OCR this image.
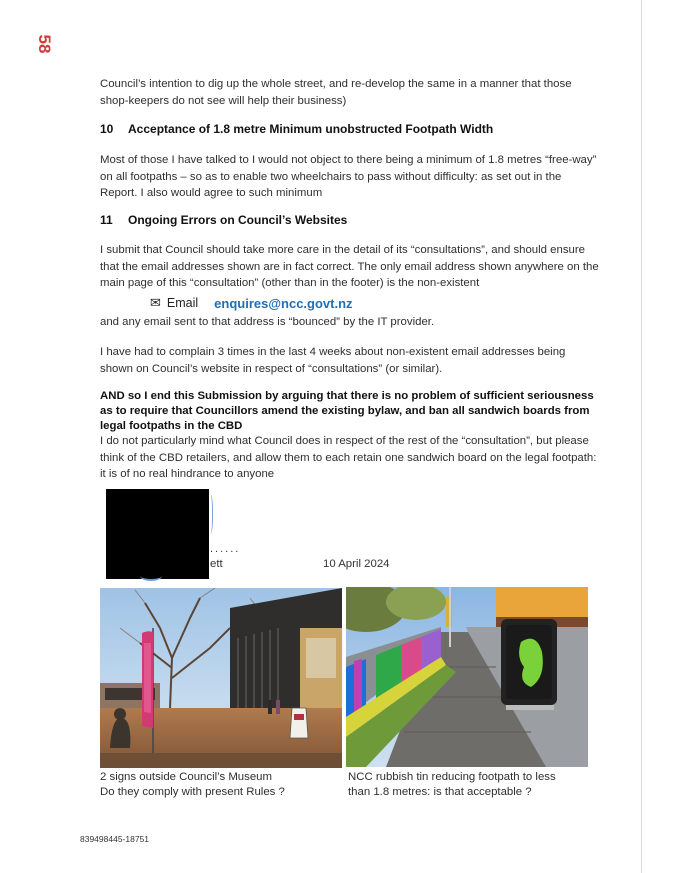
58

Council’s intention to dig up the whole street, and re-develop the same in a manner that those shop-keepers do not see will help their business)

10 Acceptance of 1.8 metre Minimum unobstructed Footpath Width

Most of those I have talked to I would not object to there being a minimum of 1.8 metres “free-way” on all footpaths – so as to enable two wheelchairs to pass without difficulty: as set out in the Report. I also would agree to such minimum

11 Ongoing Errors on Council’s Websites

I submit that Council should take more care in the detail of its “consultations”, and should ensure that the email addresses shown are in fact correct. The only email address shown anywhere on the main page of this “consultation” (other than in the footer) is the non-existent

✉ Email enquires@ncc.govt.nz

and any email sent to that address is “bounced” by the IT provider.

I have had to complain 3 times in the last 4 weeks about non-existent email addresses being shown on Council’s website in respect of “consultations” (or similar).

AND so I end this Submission by arguing that there is no problem of sufficient seriousness as to require that Councillors amend the existing bylaw, and ban all sandwich boards from legal footpaths in the CBD

I do not particularly mind what Council does in respect of the rest of the “consultation”, but please think of the CBD retailers, and allow them to each retain one sandwich board on the legal footpath: it is of no real hindrance to anyone

......
ett	10 April 2024

2 signs outside Council’s Museum
Do they comply with present Rules ?

NCC rubbish tin reducing footpath to less
than 1.8 metres: is that acceptable ?

839498445-18751
